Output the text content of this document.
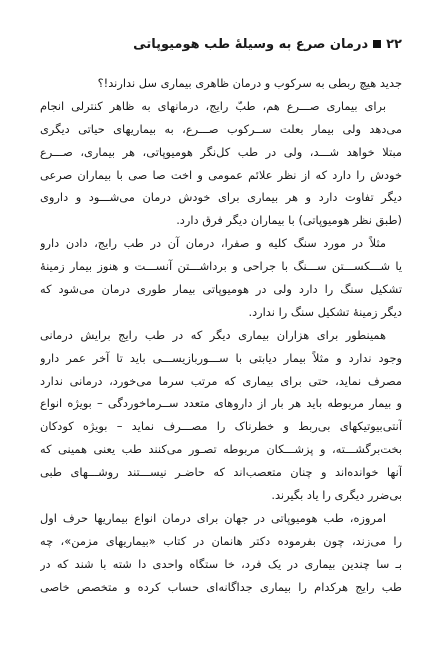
۲۲
درمان صرع به وسیلهٔ طب هومیوپاتی
جدید هیچ ربطی به سرکوب و درمان ظاهری بیماری سل ندارند!؟
برای بیماری صـــرع هم، طبّ رایج، درمانهای به ظاهر کنترلی انجام
می‌دهد ولی بیمار بعلت ســرکوب صـــرع، به بیماریهای حیاتی دیگری
مبتلا خواهد شـــد، ولی در طب کل‌نگر هومیوپاتی، هر بیماری، صـــرع
خودش را دارد که از نظر علائم عمومی و اخت صا صی با بیماران صرعی
دیگر تفاوت دارد و هر بیماری برای خودش درمان می‌شـــود و داروی
(طبق نظر هومیوپاتی) با بیماران دیگر فرق دارد.
مثلاً در مورد سنگ کلیه و صفرا، درمان آن در طب رایج، دادن دارو
یا شـــکســـتن ســـنگ با جراحی و برداشـــتن آنســـت و هنوز بیمار زمینهٔ
تشکیل سنگ را دارد ولی در هومیوپاتی بیمار طوری درمان می‌شود که
دیگر زمینهٔ تشکیل سنگ را ندارد.
همینطور برای هزاران بیماری دیگر که در طب رایج برایش درمانی
وجود ندارد و مثلاً بیمار دیابتی با ســـوربازیســـی باید تا آخر عمر دارو
مصرف نماید، حتی برای بیماری که مرتب سرما می‌خورد، درمانی ندارد
و بیمار مربوطه باید هر بار از داروهای متعدد ســرماخوردگی – بویژه انواع
آنتی‌بیوتیکهای بی‌ربط و خطرناک را مصـــرف نماید – بویژه کودکان
بخت‌برگشـــته، و پزشـــکان مربوطه تصـور می‌کنند طب یعنی همینی که
آنها خوانده‌اند و چنان متعصب‌اند که حاضـر نیســـتند روشـــهای طبی
بی‌ضرر دیگری را یاد بگیرند.
امروزه، طب هومیوپاتی در جهان برای درمان انواع بیماریها حرف اول
را می‌زند، چون بفرموده دکتر هانمان در کتاب «بیماریهای مزمن»، چه
بـ سا چندین بیماری در یک فرد، خا ستگاه واحدی دا شته با شند که در
طب رایج هرکدام را بیماری جداگانه‌ای حساب کرده و متخصص خاصی
